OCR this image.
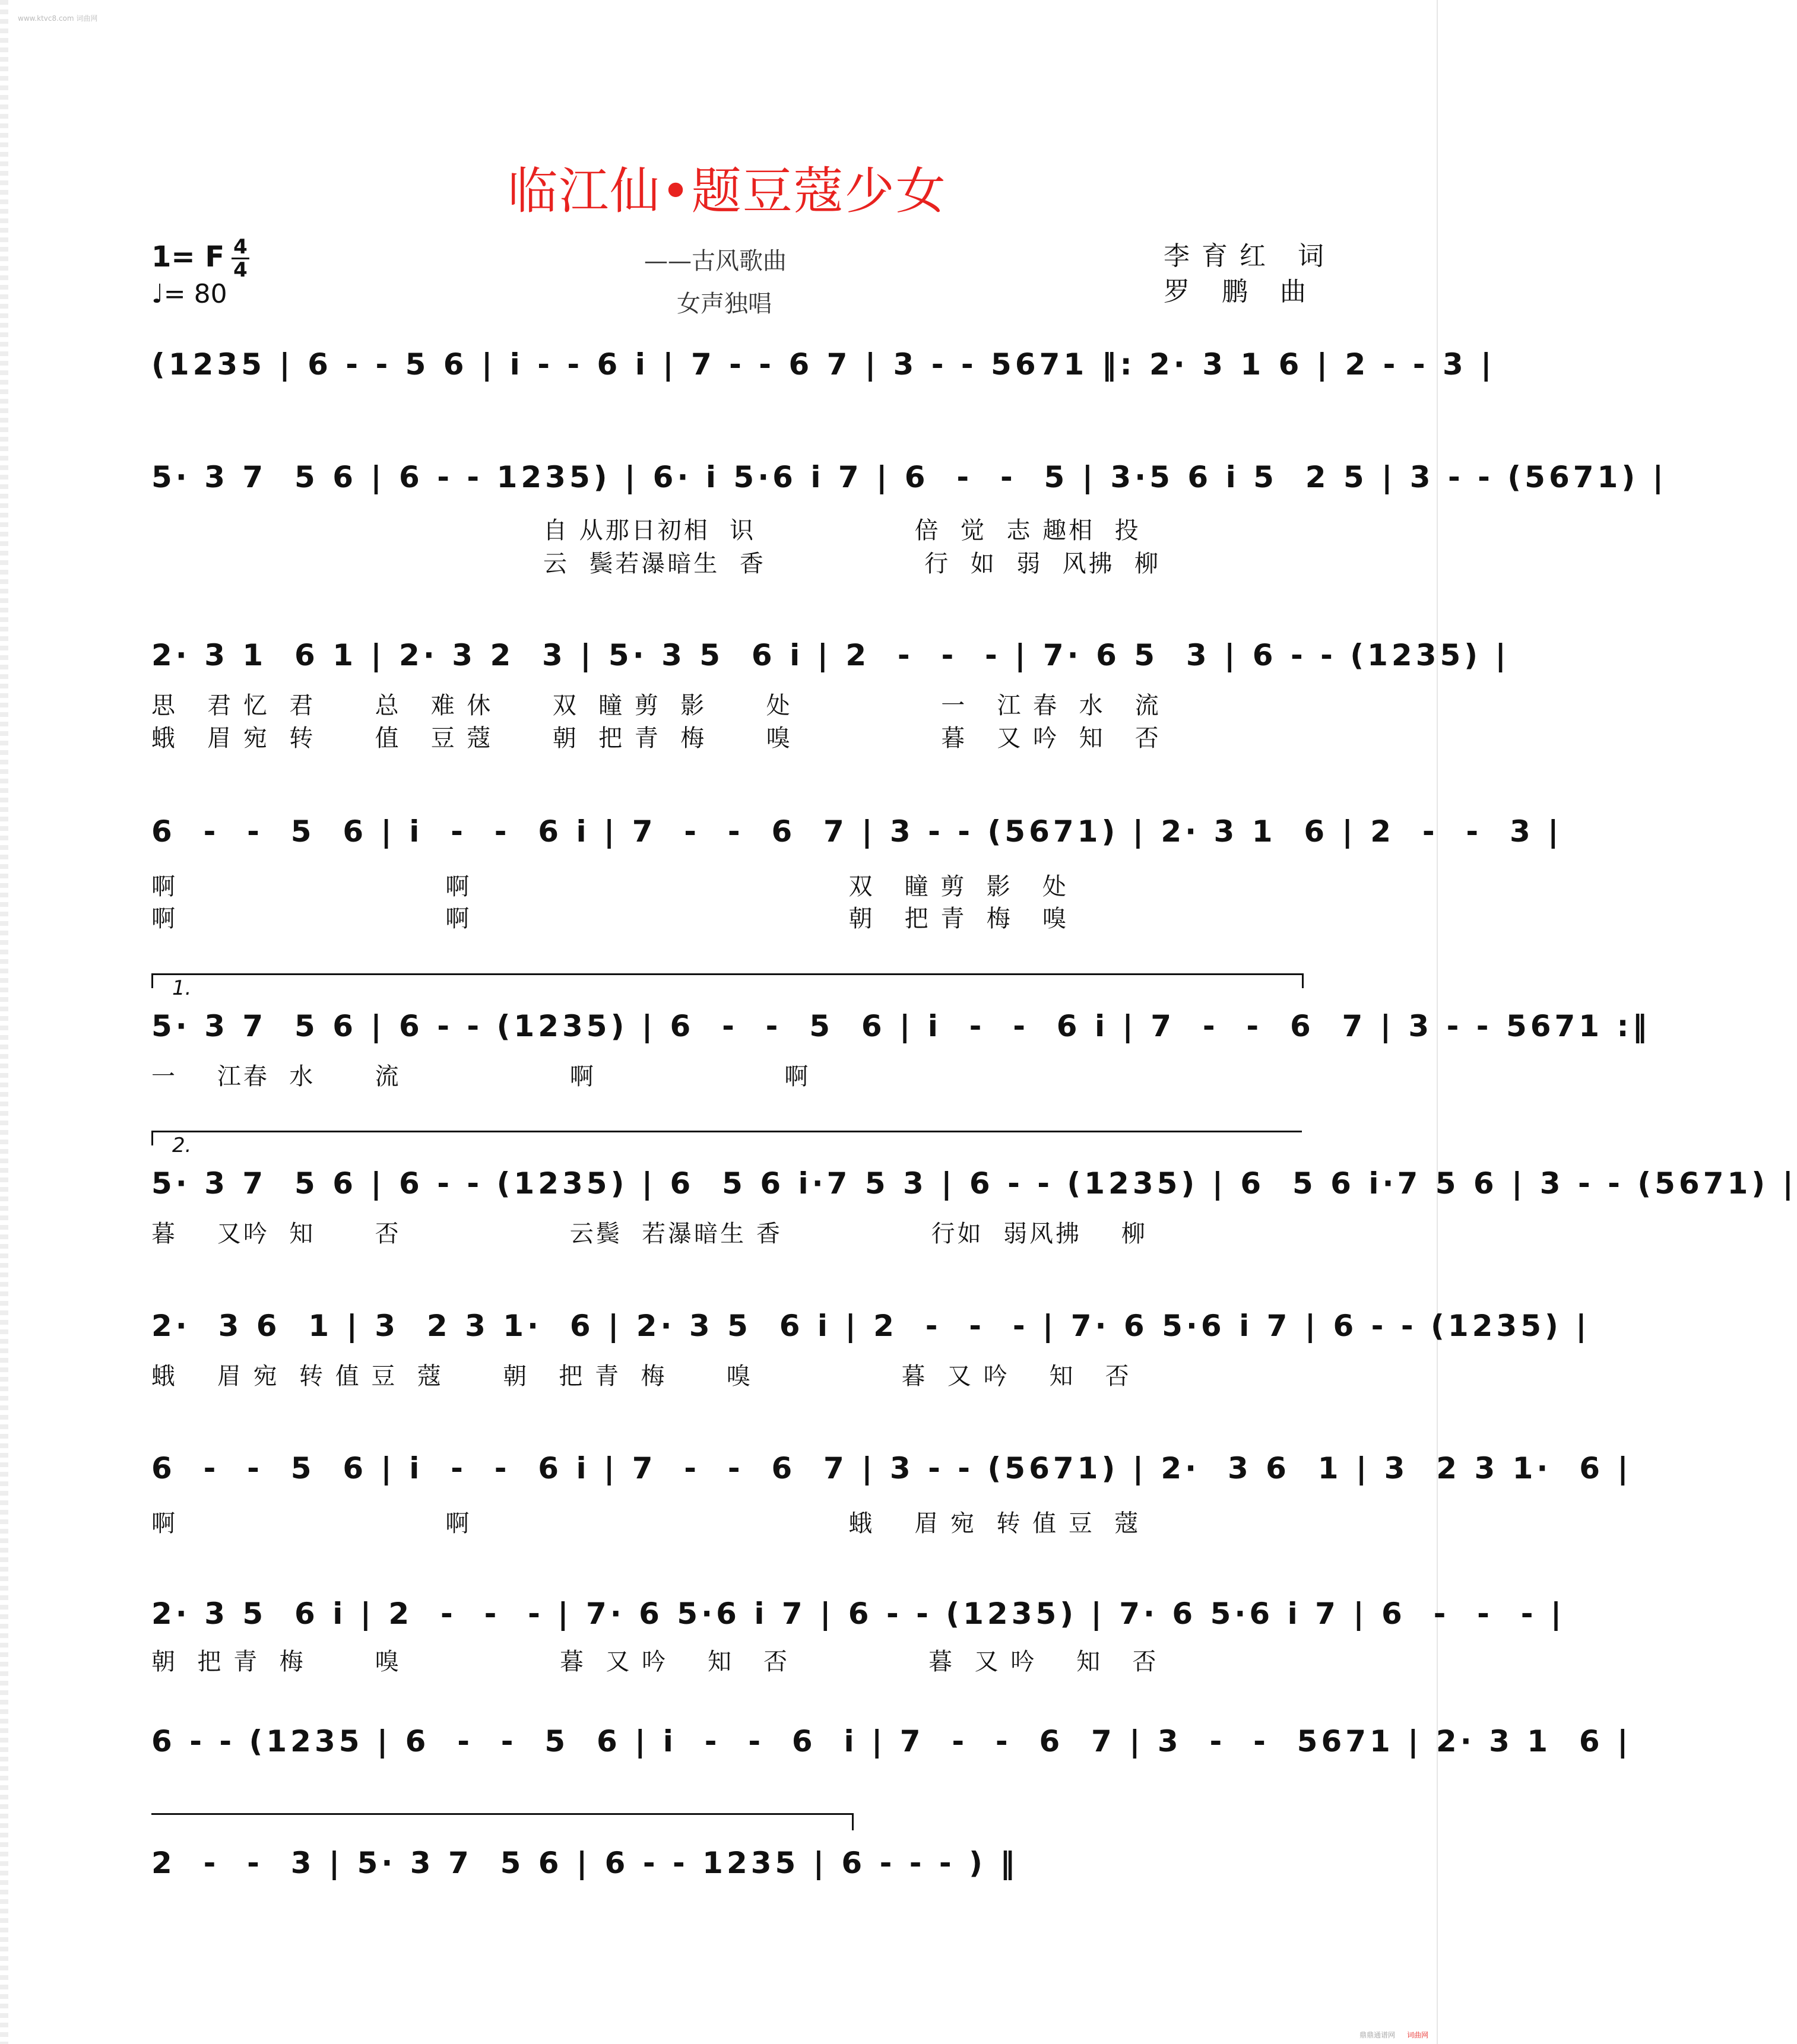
www.ktvc8.com 词曲网
临江仙•题豆蔻少女
1= F 4
4
♩= 80
——古风歌曲
女声独唱
李育红 词
罗 鹏 曲
(1235 | 6 - - 5 6 | i - - 6 i | 7 - - 6 7 | 3 - - 5671 ‖: 2· 3 1 6 | 2 - - 3 |
5· 3 7  5 6 | 6 - - 1235) | 6· i 5·6 i 7 | 6  -  -  5 | 3·5 6 i 5  2 5 | 3 - - (5671) |
自 从那日初相  识                倍  觉  志 趣相  投
云  鬓若瀑暗生  香                行  如  弱  风拂  柳
2· 3 1  6 1 | 2· 3 2  3 | 5· 3 5  6 i | 2  -  -  - | 7· 6 5  3 | 6 - - (1235) |
思   君 忆  君      总   难 休      双  瞳 剪  影      处               一   江 春  水   流
蛾   眉 宛  转      值   豆 蔻      朝  把 青  梅      嗅               暮   又 吟  知   否
6  -  -  5  6 | i  -  -  6 i | 7  -  -  6  7 | 3 - - (5671) | 2· 3 1  6 | 2  -  -  3 |
啊                           啊                                      双   瞳 剪  影   处
啊                           啊                                      朝   把 青  梅   嗅
1.
5· 3 7  5 6 | 6 - - (1235) | 6  -  -  5  6 | i  -  -  6 i | 7  -  -  6  7 | 3 - - 5671 :‖
一    江春  水      流                 啊                   啊
2.
5· 3 7  5 6 | 6 - - (1235) | 6  5 6 i·7 5 3 | 6 - - (1235) | 6  5 6 i·7 5 6 | 3 - - (5671) |
暮    又吟  知      否                 云鬓  若瀑暗生 香               行如  弱风拂    柳
2·  3 6  1 | 3  2 3 1·  6 | 2· 3 5  6 i | 2  -  -  - | 7· 6 5·6 i 7 | 6 - - (1235) |
蛾    眉 宛  转 值 豆  蔻      朝   把 青  梅      嗅               暮  又 吟    知   否
6  -  -  5  6 | i  -  -  6 i | 7  -  -  6  7 | 3 - - (5671) | 2·  3 6  1 | 3  2 3 1·  6 |
啊                           啊                                      蛾    眉 宛  转 值 豆  蔻
2· 3 5  6 i | 2  -  -  - | 7· 6 5·6 i 7 | 6 - - (1235) | 7· 6 5·6 i 7 | 6  -  -  - |
朝  把 青  梅       嗅                暮  又 吟    知   否              暮  又 吟    知   否
6 - - (1235 | 6  -  -  5  6 | i  -  -  6  i | 7  -  -  6  7 | 3  -  -  5671 | 2· 3 1  6 |
2  -  -  3 | 5· 3 7  5 6 | 6 - - 1235 | 6 - - - ) ‖
鼎鼎通谱网 词曲网
